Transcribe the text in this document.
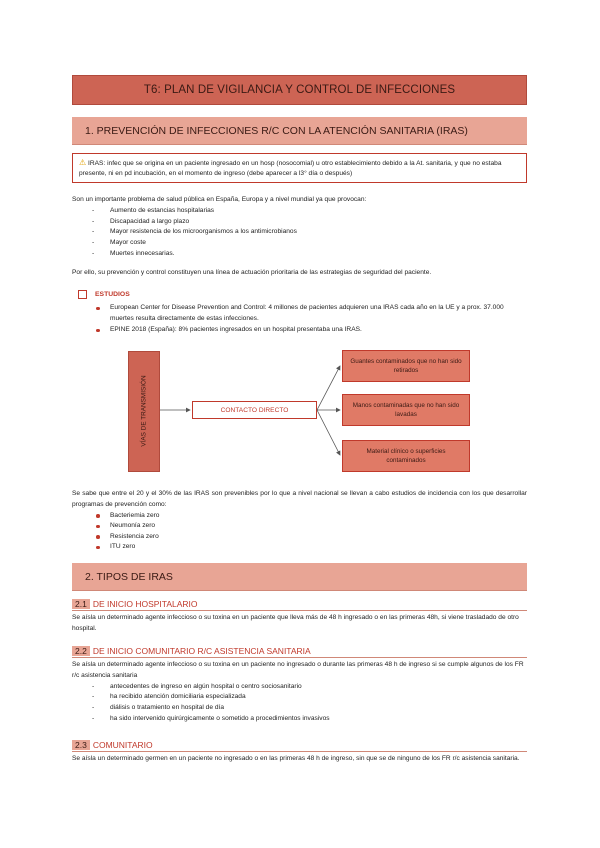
T6: PLAN DE VIGILANCIA Y CONTROL DE INFECCIONES
1. PREVENCIÓN DE INFECCIONES R/C CON LA ATENCIÓN SANITARIA (IRAS)
⚠ IRAS: infec que se origina en un paciente ingresado en un hosp (nosocomial) u otro establecimiento debido a la At. sanitaria, y que no estaba presente, ni en pd incubación, en el momento de ingreso (debe aparecer a l3° día o después)
Son un importante problema de salud pública en España, Europa y a nivel mundial ya que provocan:
- Aumento de estancias hospitalarias
- Discapacidad a largo plazo
- Mayor resistencia de los microorganismos a los antimicrobianos
- Mayor coste
- Muertes innecesarias.
Por ello, su prevención y control constituyen una línea de actuación prioritaria de las estrategias de seguridad del paciente.
ESTUDIOS
European Center for Disease Prevention and Control: 4 millones de pacientes adquieren una IRAS cada año en la UE y a prox. 37.000 muertes resulta directamente de estas infecciones.
EPINE 2018 (España): 8% pacientes ingresados en un hospital presentaba una IRAS.
VÍAS DE TRANSMISIÓN	CONTACTO DIRECTO
Guantes contaminados que no han sido retirados
Manos contaminadas que no han sido lavadas
Material clínico o superficies contaminados
Se sabe que entre el 20 y el 30% de las IRAS son prevenibles por lo que a nivel nacional se llevan a cabo estudios de incidencia con los que desarrollar programas de prevención como:
Bacteriemia zero
Neumonía zero
Resistencia zero
ITU zero
2. TIPOS DE IRAS
2.1 DE INICIO HOSPITALARIO
Se aísla un determinado agente infeccioso o su toxina en un paciente que lleva más de 48 h ingresado o en las primeras 48h, si viene trasladado de otro hospital.
2.2 DE INICIO COMUNITARIO R/C ASISTENCIA SANITARIA
Se aísla un determinado agente infeccioso o su toxina en un paciente no ingresado o durante las primeras 48 h de ingreso si se cumple algunos de los FR r/c asistencia sanitaria
- antecedentes de ingreso en algún hospital o centro sociosanitario
- ha recibido atención domiciliaria especializada
- diálisis o tratamiento en hospital de día
- ha sido intervenido quirúrgicamente o sometido a procedimientos invasivos
2.3 COMUNITARIO
Se aísla un determinado germen en un paciente no ingresado o en las primeras 48 h de ingreso, sin que se de ninguno de los FR r/c asistencia sanitaria.
